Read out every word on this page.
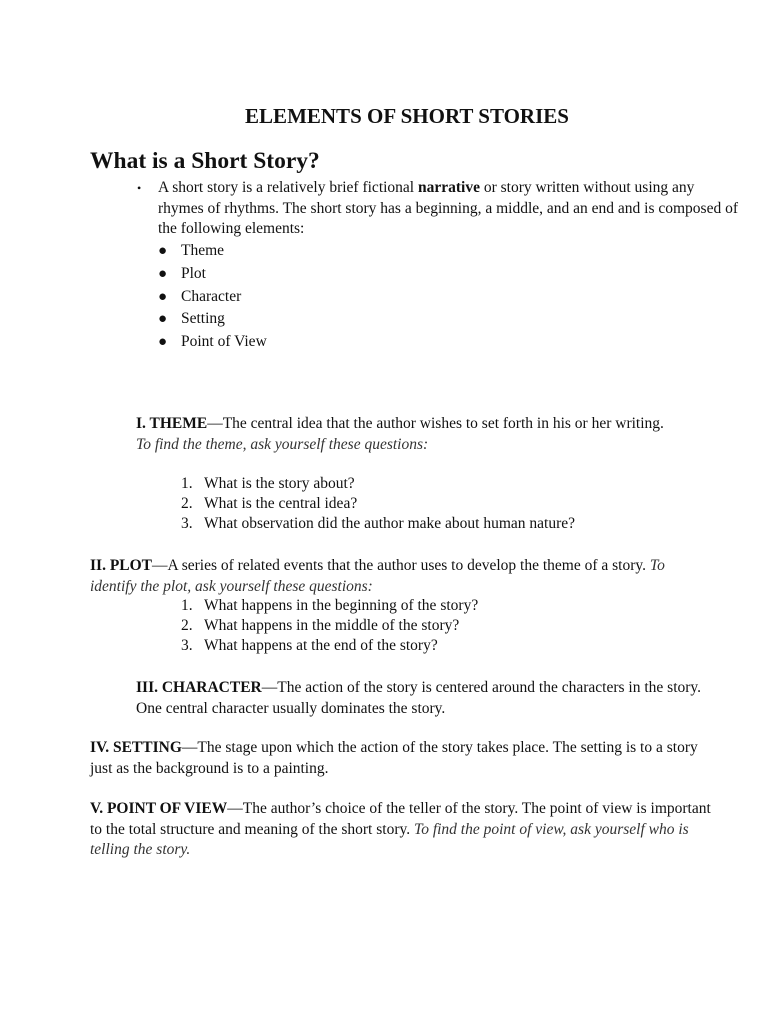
ELEMENTS OF SHORT STORIES
What is a Short Story?
• A short story is a relatively brief fictional narrative or story written without using any rhymes of rhythms. The short story has a beginning, a middle, and an end and is composed of the following elements:
● Theme
● Plot
● Character
● Setting
● Point of View
I. THEME—The central idea that the author wishes to set forth in his or her writing.
To find the theme, ask yourself these questions:
1. What is the story about?
2. What is the central idea?
3. What observation did the author make about human nature?
II. PLOT—A series of related events that the author uses to develop the theme of a story. To identify the plot, ask yourself these questions:
1. What happens in the beginning of the story?
2. What happens in the middle of the story?
3. What happens at the end of the story?
III. CHARACTER—The action of the story is centered around the characters in the story. One central character usually dominates the story.
IV. SETTING—The stage upon which the action of the story takes place. The setting is to a story just as the background is to a painting.
V. POINT OF VIEW—The author’s choice of the teller of the story. The point of view is important to the total structure and meaning of the short story. To find the point of view, ask yourself who is telling the story.
